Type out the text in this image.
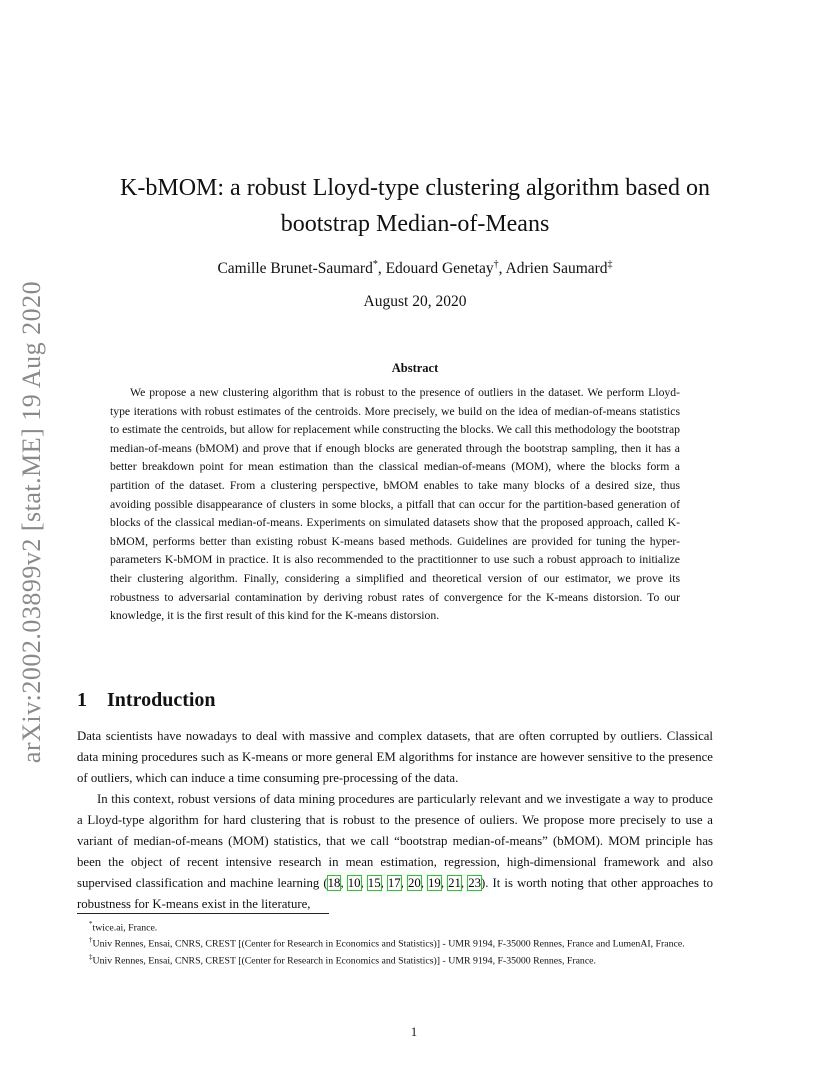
arXiv:2002.03899v2 [stat.ME] 19 Aug 2020
K-bMOM: a robust Lloyd-type clustering algorithm based on
bootstrap Median-of-Means
Camille Brunet-Saumard*, Edouard Genetay†, Adrien Saumard‡
August 20, 2020
Abstract
We propose a new clustering algorithm that is robust to the presence of outliers in the dataset. We perform Lloyd-type iterations with robust estimates of the centroids. More precisely, we build on the idea of median-of-means statistics to estimate the centroids, but allow for replacement while constructing the blocks. We call this methodology the bootstrap median-of-means (bMOM) and prove that if enough blocks are generated through the bootstrap sampling, then it has a better breakdown point for mean estimation than the classical median-of-means (MOM), where the blocks form a partition of the dataset. From a clustering perspective, bMOM enables to take many blocks of a desired size, thus avoiding possible disappearance of clusters in some blocks, a pitfall that can occur for the partition-based generation of blocks of the classical median-of-means. Experiments on simulated datasets show that the proposed approach, called K-bMOM, performs better than existing robust K-means based methods. Guidelines are provided for tuning the hyper-parameters K-bMOM in practice. It is also recommended to the practitionner to use such a robust approach to initialize their clustering algorithm. Finally, considering a simplified and theoretical version of our estimator, we prove its robustness to adversarial contamination by deriving robust rates of convergence for the K-means distorsion. To our knowledge, it is the first result of this kind for the K-means distorsion.
1 Introduction
Data scientists have nowadays to deal with massive and complex datasets, that are often corrupted by outliers. Classical data mining procedures such as K-means or more general EM algorithms for instance are however sensitive to the presence of outliers, which can induce a time consuming pre-processing of the data.
In this context, robust versions of data mining procedures are particularly relevant and we investigate a way to produce a Lloyd-type algorithm for hard clustering that is robust to the presence of ouliers. We propose more precisely to use a variant of median-of-means (MOM) statistics, that we call “bootstrap median-of-means” (bMOM). MOM principle has been the object of recent intensive research in mean estimation, regression, high-dimensional framework and also supervised classification and machine learning (18, 10, 15, 17, 20, 19, 21, 23). It is worth noting that other approaches to robustness for K-means exist in the literature,

*twice.ai, France.

†Univ Rennes, Ensai, CNRS, CREST [(Center for Research in Economics and Statistics)] - UMR 9194, F-35000 Rennes, France and LumenAI, France.

‡Univ Rennes, Ensai, CNRS, CREST [(Center for Research in Economics and Statistics)] - UMR 9194, F-35000 Rennes, France.

1
